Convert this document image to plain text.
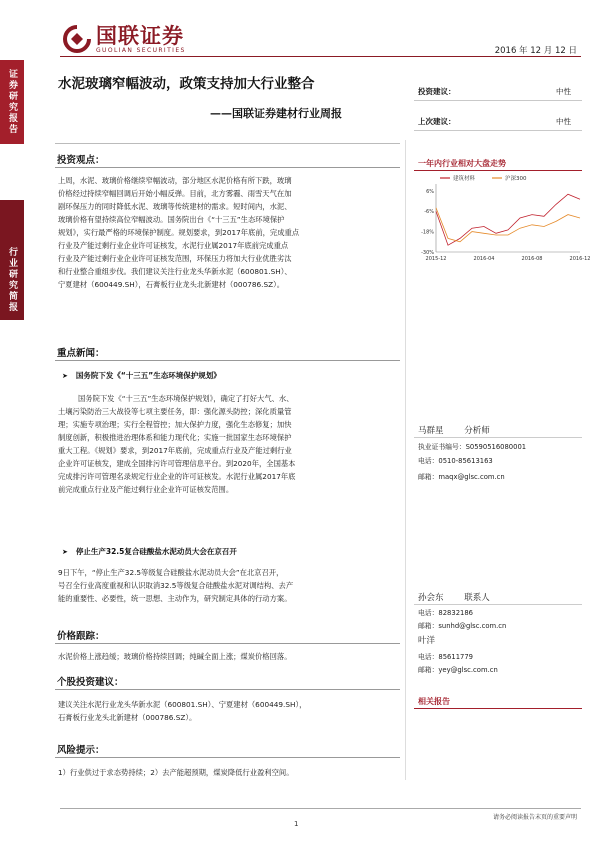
国联证券
GUOLIAN SECURITIES	2016 年 12 月 12 日
证券研究报告
行业研究简报
水泥玻璃窄幅波动，政策支持加大行业整合
——国联证券建材行业周报
投资建议：	中性
上次建议：	中性
投资观点：
上周，水泥、玻璃价格继续窄幅波动，部分地区水泥价格有所下跌，玻璃
价格经过持续窄幅回调后开始小幅反弹。目前，北方雾霾、雨雪天气在加
剧环保压力的同时降低水泥、玻璃等传统建材的需求。短时间内，水泥、
玻璃价格有望持续高位窄幅波动。国务院出台《“十三五”生态环境保护
规划》，实行最严格的环境保护制度。规划要求，到2017年底前，完成重点
行业及产能过剩行业企业许可证核发，水泥行业属2017年底前完成重点
行业及产能过剩行业企业许可证核发范围，环保压力将加大行业优胜劣汰
和行业整合重组步伐。我们建议关注行业龙头华新水泥（600801.SH）、
宁夏建材（600449.SH），石膏板行业龙头北新建材（000786.SZ）。
重点新闻：
➤ 国务院下发《“十三五”生态环境保护规划》
国务院下发《“十三五”生态环境保护规划》，确定了打好大气、水、
土壤污染防治三大战役等七项主要任务，即：强化源头防控；深化质量管
理；实施专项治理；实行全程管控；加大保护力度，强化生态修复；加快
制度创新，积极推进治理体系和能力现代化；实施一批国家生态环境保护
重大工程。《规划》要求，到2017年底前，完成重点行业及产能过剩行业
企业许可证核发，建成全国排污许可管理信息平台。到2020年，全国基本
完成排污许可管理名录规定行业企业的许可证核发。水泥行业属2017年底
前完成重点行业及产能过剩行业企业许可证核发范围。
➤ 停止生产32.5复合硅酸盐水泥动员大会在京召开
9日下午，“停止生产32.5等级复合硅酸盐水泥动员大会”在北京召开，
号召全行业高度重视和认识取消32.5等级复合硅酸盐水泥对调结构、去产
能的重要性、必要性，统一思想、主动作为，研究制定具体的行动方案。
价格跟踪：
水泥价格上涨趋缓；玻璃价格持续回调；纯碱全面上涨；煤炭价格回落。
个股投资建议：
建议关注水泥行业龙头华新水泥（600801.SH）、宁夏建材（600449.SH），
石膏板行业龙头北新建材（000786.SZ）。
风险提示：
1）行业供过于求态势持续；2）去产能超预期，煤炭降低行业盈利空间。
一年内行业相对大盘走势
-30%
-18%
-6%
6%
2015-12	2016-04	2016-08	2016-12
建筑材料	沪深300
马群星 分析师
执业证书编号：S0590516080001
电话：0510-85613163
邮箱：maqx@glsc.com.cn
孙会东 联系人
电话：82832186
邮箱：sunhd@glsc.com.cn
叶洋
电话：85611779
邮箱：yey@glsc.com.cn
相关报告
1
请务必阅读报告末页的重要声明
